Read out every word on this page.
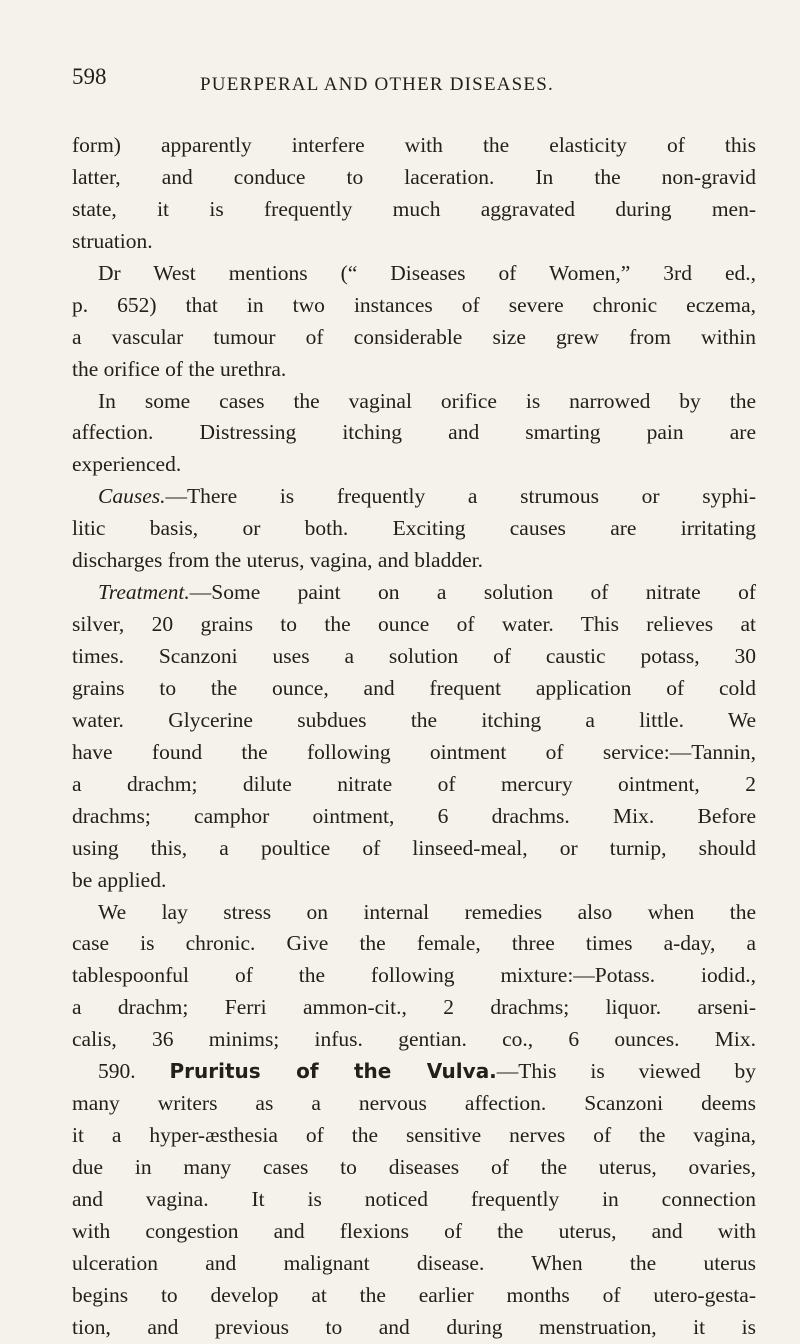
598	PUERPERAL AND OTHER DISEASES.
form) apparently interfere with the elasticity of this
latter, and conduce to laceration. In the non-gravid
state, it is frequently much aggravated during men-
struation.
Dr West mentions (“ Diseases of Women,” 3rd ed.,
p. 652) that in two instances of severe chronic eczema,
a vascular tumour of considerable size grew from within
the orifice of the urethra.
In some cases the vaginal orifice is narrowed by the
affection. Distressing itching and smarting pain are
experienced.
Causes.—There is frequently a strumous or syphi-
litic basis, or both. Exciting causes are irritating
discharges from the uterus, vagina, and bladder.
Treatment.—Some paint on a solution of nitrate of
silver, 20 grains to the ounce of water. This relieves at
times. Scanzoni uses a solution of caustic potass, 30
grains to the ounce, and frequent application of cold
water. Glycerine subdues the itching a little. We
have found the following ointment of service:—Tannin,
a drachm; dilute nitrate of mercury ointment, 2
drachms; camphor ointment, 6 drachms. Mix. Before
using this, a poultice of linseed-meal, or turnip, should
be applied.
We lay stress on internal remedies also when the
case is chronic. Give the female, three times a-day, a
tablespoonful of the following mixture:—Potass. iodid.,
a drachm; Ferri ammon-cit., 2 drachms; liquor. arseni-
calis, 36 minims; infus. gentian. co., 6 ounces. Mix.
590. Pruritus of the Vulva.—This is viewed by
many writers as a nervous affection. Scanzoni deems
it a hyper-æsthesia of the sensitive nerves of the vagina,
due in many cases to diseases of the uterus, ovaries,
and vagina. It is noticed frequently in connection
with congestion and flexions of the uterus, and with
ulceration and malignant disease. When the uterus
begins to develop at the earlier months of utero-gesta-
tion, and previous to and during menstruation, it is
